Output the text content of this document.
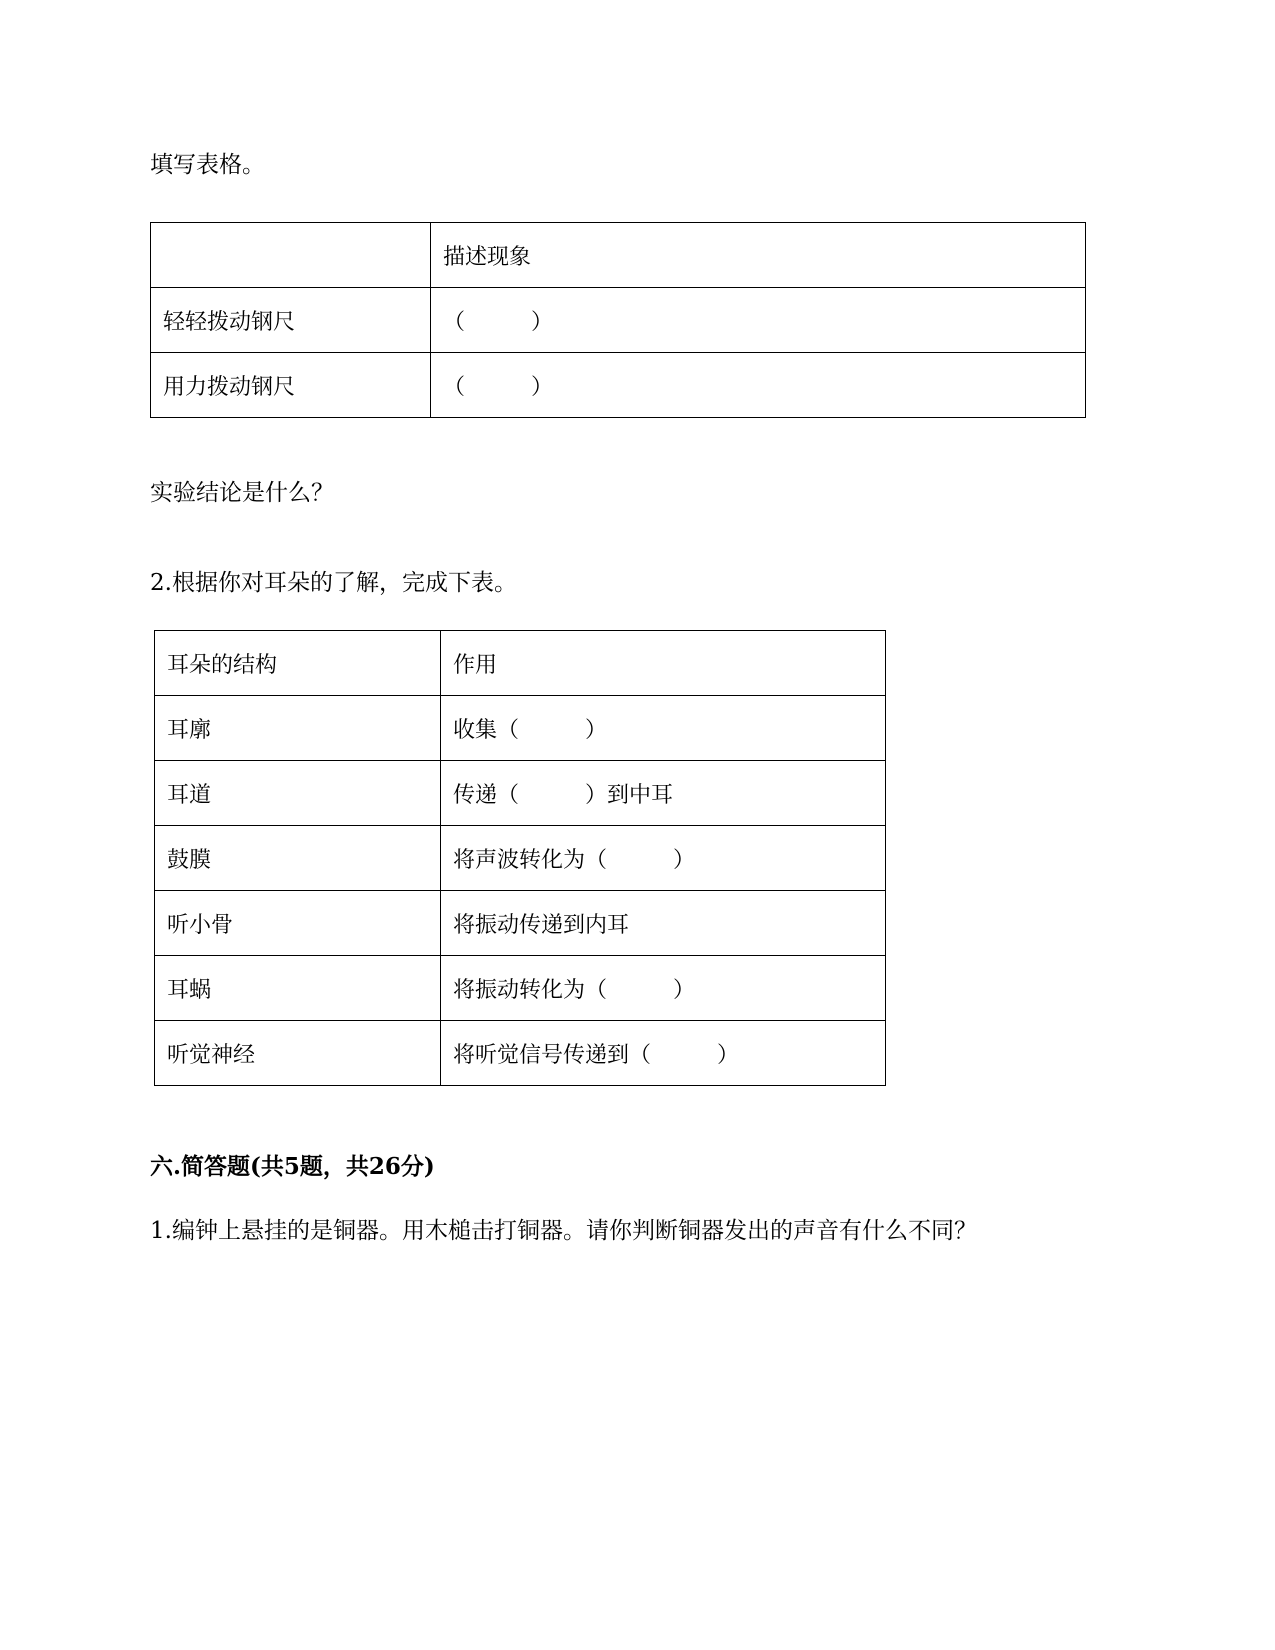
填写表格。

	描述现象
轻轻拨动钢尺	（　　　）
用力拨动钢尺	（　　　）

实验结论是什么？

2.根据你对耳朵的了解，完成下表。

耳朵的结构	作用
耳廓	收集（　　　）
耳道	传递（　　　）到中耳
鼓膜	将声波转化为（　　　）
听小骨	将振动传递到内耳
耳蜗	将振动转化为（　　　）
听觉神经	将听觉信号传递到（　　　）

六.简答题(共5题，共26分)

1.编钟上悬挂的是铜器。用木槌击打铜器。请你判断铜器发出的声音有什么不同？
